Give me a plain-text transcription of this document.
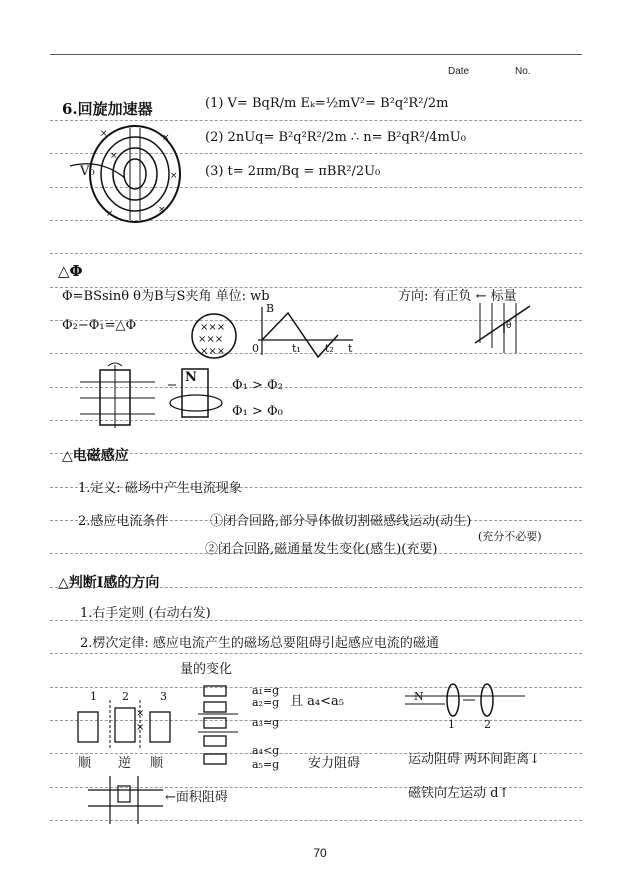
Date	No.
6.回旋加速器	(1) V= BqR/m Eₖ=½mV²= B²q²R²/2m
(2) 2nUq= B²q²R²/2m ∴ n= B²qR²/4mU₀
(3) t= 2πm/Bq = πBR²/2U₀
×	×
×
×
×
×
V₀
△Φ
Φ=BSsinθ θ为B与S夹角 单位: wb	方向: 有正负 ← 标量
Φ₂−Φ₁=△Φ	×××
×××
×××
B
0	t₁ t₂ t
θ
N
Φ₁ > Φ₂
Φ₁ > Φ₀
△电磁感应
1.定义: 磁场中产生电流现象
2.感应电流条件	①闭合回路,部分导体做切割磁感线运动(动生)
②闭合回路,磁通量发生变化(感生)(充要)
(充分不必要)
△判断I感的方向
1.右手定则 (右动右发)
2.楞次定律: 感应电流产生的磁场总要阻碍引起感应电流的磁通
量的变化
1 2	3
×
×
顺 逆 顺
a₁=g
a₂=g 且 a₄<a₅
a₃=g
a₄<g
a₅=g 安力阻碍
N
1	2
运动阻碍 两环间距离↓
磁铁向左运动 d↑
←面积阻碍
70
